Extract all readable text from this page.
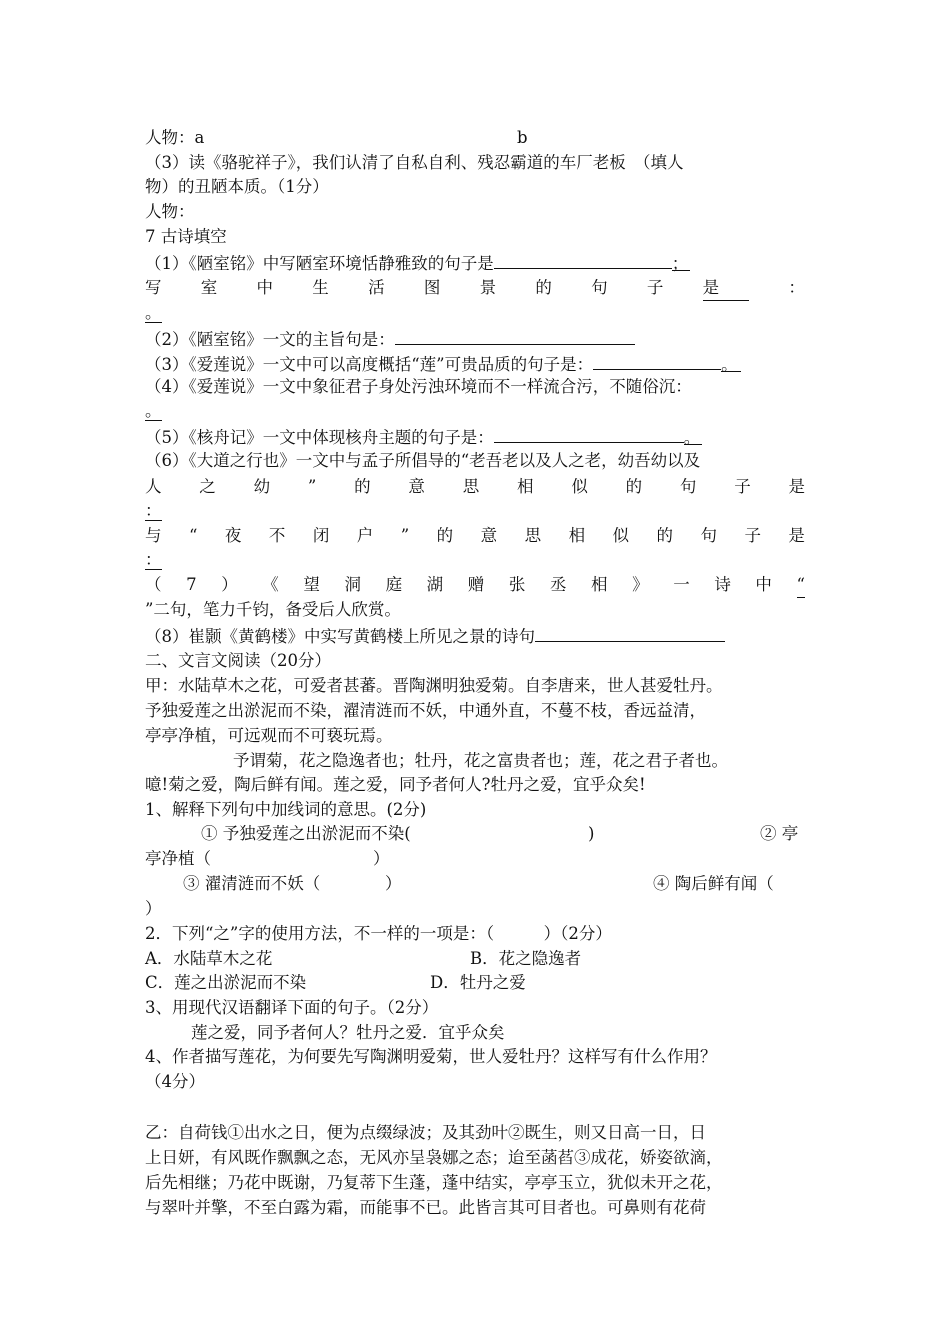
人物：a	b
（3）读《骆驼祥子》，我们认清了自私自利、残忍霸道的车厂老板　（填人
物）的丑陋本质。（1分）
人物：
7 古诗填空
（1）《陋室铭》中写陋室环境恬静雅致的句子是	；
写 室 中 生 活 图 景 的 句 子 是	：
。
（2）《陋室铭》一文的主旨句是：
（3）《爱莲说》一文中可以高度概括“莲”可贵品质的句子是：	。
（4）《爱莲说》一文中象征君子身处污浊环境而不一样流合污，不随俗沉：
。
（5）《核舟记》一文中体现核舟主题的句子是：	。
（6）《大道之行也》一文中与孟子所倡导的“老吾老以及人之老，幼吾幼以及
人 之 幼 ” 的 意 思 相 似 的 句 子 是
：
与 “ 夜 不 闭 户 ” 的 意 思 相 似 的 句 子 是
：
（ 7 ） 《 望 洞 庭 湖 赠 张 丞 相 》 一 诗 中 “
”二句，笔力千钧，备受后人欣赏。
（8）崔颢《黄鹤楼》中实写黄鹤楼上所见之景的诗句
二、文言文阅读（20分）
甲：水陆草木之花，可爱者甚蕃。晋陶渊明独爱菊。自李唐来，世人甚爱牡丹。
予独爱莲之出淤泥而不染，濯清涟而不妖，中通外直，不蔓不枝，香远益清，
亭亭净植，可远观而不可亵玩焉。
予谓菊，花之隐逸者也；牡丹，花之富贵者也；莲，花之君子者也。
噫!菊之爱，陶后鲜有闻。莲之爱，同予者何人?牡丹之爱，宜乎众矣!
1、解释下列句中加线词的意思。(2分)
① 予独爱莲之出淤泥而不染(	)	② 亭
亭净植（	）
③ 濯清涟而不妖（	）	④ 陶后鲜有闻（
）
2．下列“之”字的使用方法，不一样的一项是：（　　　）（2分）
A．水陆草木之花	B．花之隐逸者
C．莲之出淤泥而不染	D．牡丹之爱
3、用现代汉语翻译下面的句子。（2分）
莲之爱，同予者何人？牡丹之爱．宜乎众矣
4、作者描写莲花，为何要先写陶渊明爱菊，世人爱牡丹？这样写有什么作用？
（4分）
乙：自荷钱①出水之日，便为点缀绿波；及其劲叶②既生，则又日高一日，日
上日妍，有风既作飘飘之态，无风亦呈袅娜之态；迨至菡萏③成花，娇姿欲滴，
后先相继；乃花中既谢，乃复蒂下生蓬，蓬中结实，亭亭玉立，犹似未开之花，
与翠叶并擎，不至白露为霜，而能事不已。此皆言其可目者也。可鼻则有花荷
